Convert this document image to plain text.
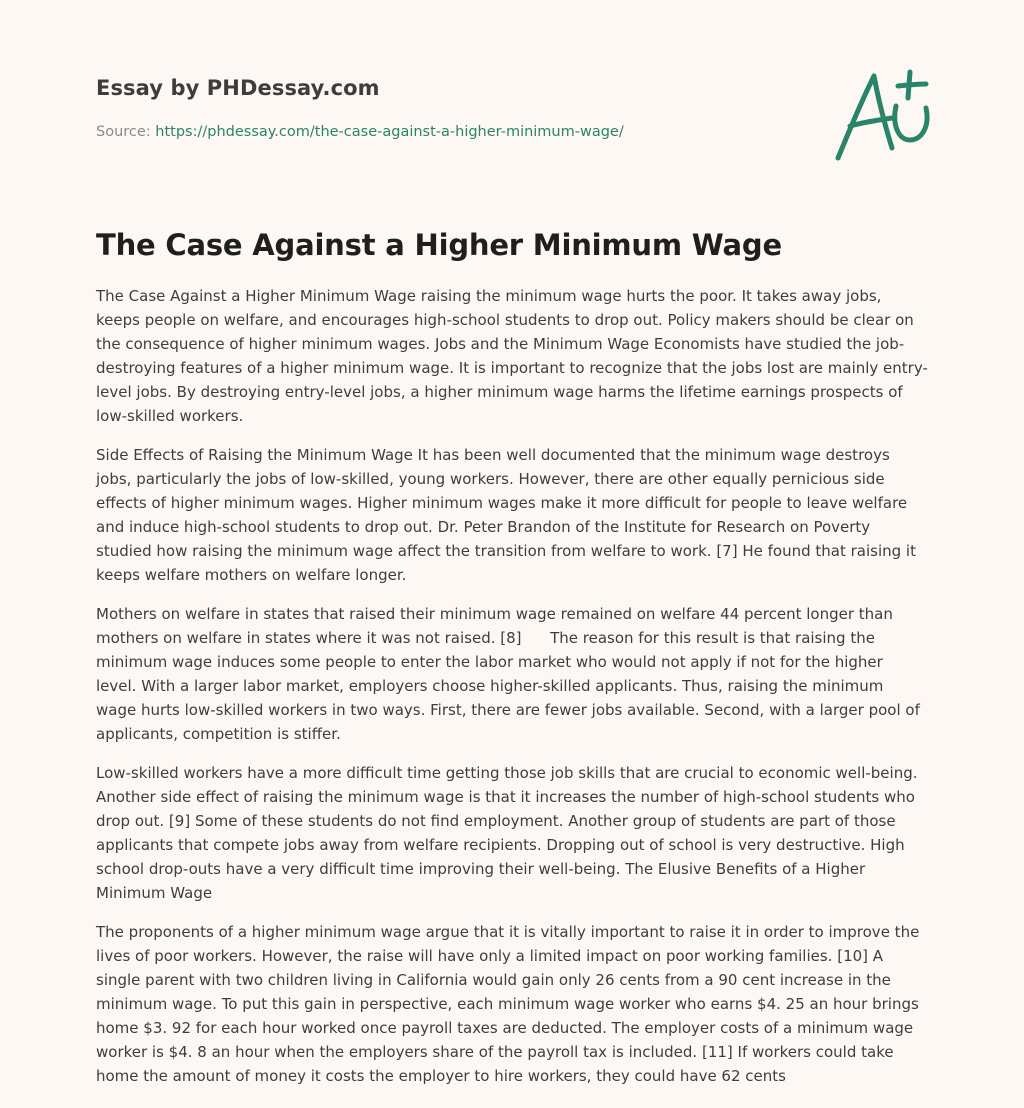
Essay by PHDessay.com
Source: https://phdessay.com/the-case-against-a-higher-minimum-wage/
The Case Against a Higher Minimum Wage

The Case Against a Higher Minimum Wage raising the minimum wage hurts the poor. It takes away jobs, keeps people on welfare, and encourages high-school students to drop out. Policy makers should be clear on the consequence of higher minimum wages. Jobs and the Minimum Wage Economists have studied the job-destroying features of a higher minimum wage. It is important to recognize that the jobs lost are mainly entry-level jobs. By destroying entry-level jobs, a higher minimum wage harms the lifetime earnings prospects of low-skilled workers.

Side Effects of Raising the Minimum Wage It has been well documented that the minimum wage destroys jobs, particularly the jobs of low-skilled, young workers. However, there are other equally pernicious side effects of higher minimum wages. Higher minimum wages make it more difficult for people to leave welfare and induce high-school students to drop out. Dr. Peter Brandon of the Institute for Research on Poverty studied how raising the minimum wage affect the transition from welfare to work. [7] He found that raising it keeps welfare mothers on welfare longer.

Mothers on welfare in states that raised their minimum wage remained on welfare 44 percent longer than mothers on welfare in states where it was not raised. [8]      The reason for this result is that raising the minimum wage induces some people to enter the labor market who would not apply if not for the higher level. With a larger labor market, employers choose higher-skilled applicants. Thus, raising the minimum wage hurts low-skilled workers in two ways. First, there are fewer jobs available. Second, with a larger pool of applicants, competition is stiffer.

Low-skilled workers have a more difficult time getting those job skills that are crucial to economic well-being. Another side effect of raising the minimum wage is that it increases the number of high-school students who drop out. [9] Some of these students do not find employment. Another group of students are part of those applicants that compete jobs away from welfare recipients. Dropping out of school is very destructive. High school drop-outs have a very difficult time improving their well-being. The Elusive Benefits of a Higher Minimum Wage

The proponents of a higher minimum wage argue that it is vitally important to raise it in order to improve the lives of poor workers. However, the raise will have only a limited impact on poor working families. [10] A single parent with two children living in California would gain only 26 cents from a 90 cent increase in the minimum wage. To put this gain in perspective, each minimum wage worker who earns $4. 25 an hour brings home $3. 92 for each hour worked once payroll taxes are deducted. The employer costs of a minimum wage worker is $4. 8 an hour when the employers share of the payroll tax is included. [11] If workers could take home the amount of money it costs the employer to hire workers, they could have 62 cents
